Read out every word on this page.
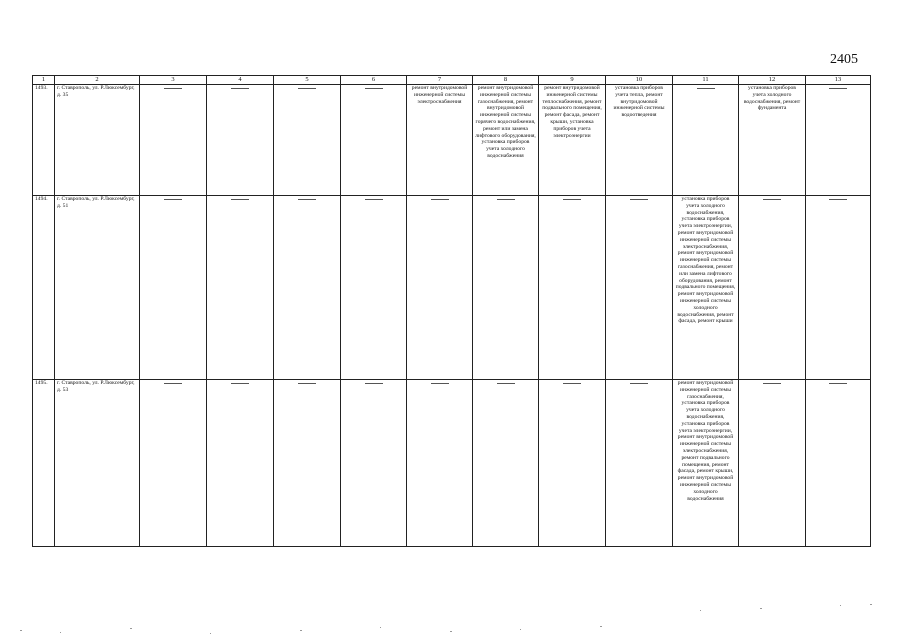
2405
1	2	3	4	5	6	7	8	9	10	11	12	13
1493.	г. Ставрополь, ул. Р.Люксембург, д. 35					ремонт внутридомовой инженерной системы электроснабжения	ремонт внутридомовой инженерной системы газоснабжения, ремонт внутридомовой инженерной системы горячего водоснабжения, ремонт или замена лифтового оборудования, установка приборов учета холодного водоснабжения	ремонт внутридомовой инженерной системы теплоснабжения, ремонт подвального помещения, ремонт фасада, ремонт крыши, установка приборов учета электроэнергии	установка приборов учета тепла, ремонт внутридомовой инженерной системы водоотведения		установка приборов учета холодного водоснабжения, ремонт фундамента	

1494.	г. Ставрополь, ул. Р.Люксембург, д. 51									установка приборов учета холодного водоснабжения, установка приборов учета электроэнергии, ремонт внутридомовой инженерной системы электроснабжения, ремонт внутридомовой инженерной системы газоснабжения, ремонт или замена лифтового оборудования, ремонт подвального помещения, ремонт внутридомовой инженерной системы холодного водоснабжения, ремонт фасада, ремонт крыши	

1495.	г. Ставрополь, ул. Р.Люксембург, д. 53									ремонт внутридомовой инженерной системы газоснабжения, установка приборов учета холодного водоснабжения, установка приборов учета электроэнергии, ремонт внутридомовой инженерной системы электроснабжения, ремонт подвального помещения, ремонт фасада, ремонт крыши, ремонт внутридомовой инженерной системы холодного водоснабжения	
